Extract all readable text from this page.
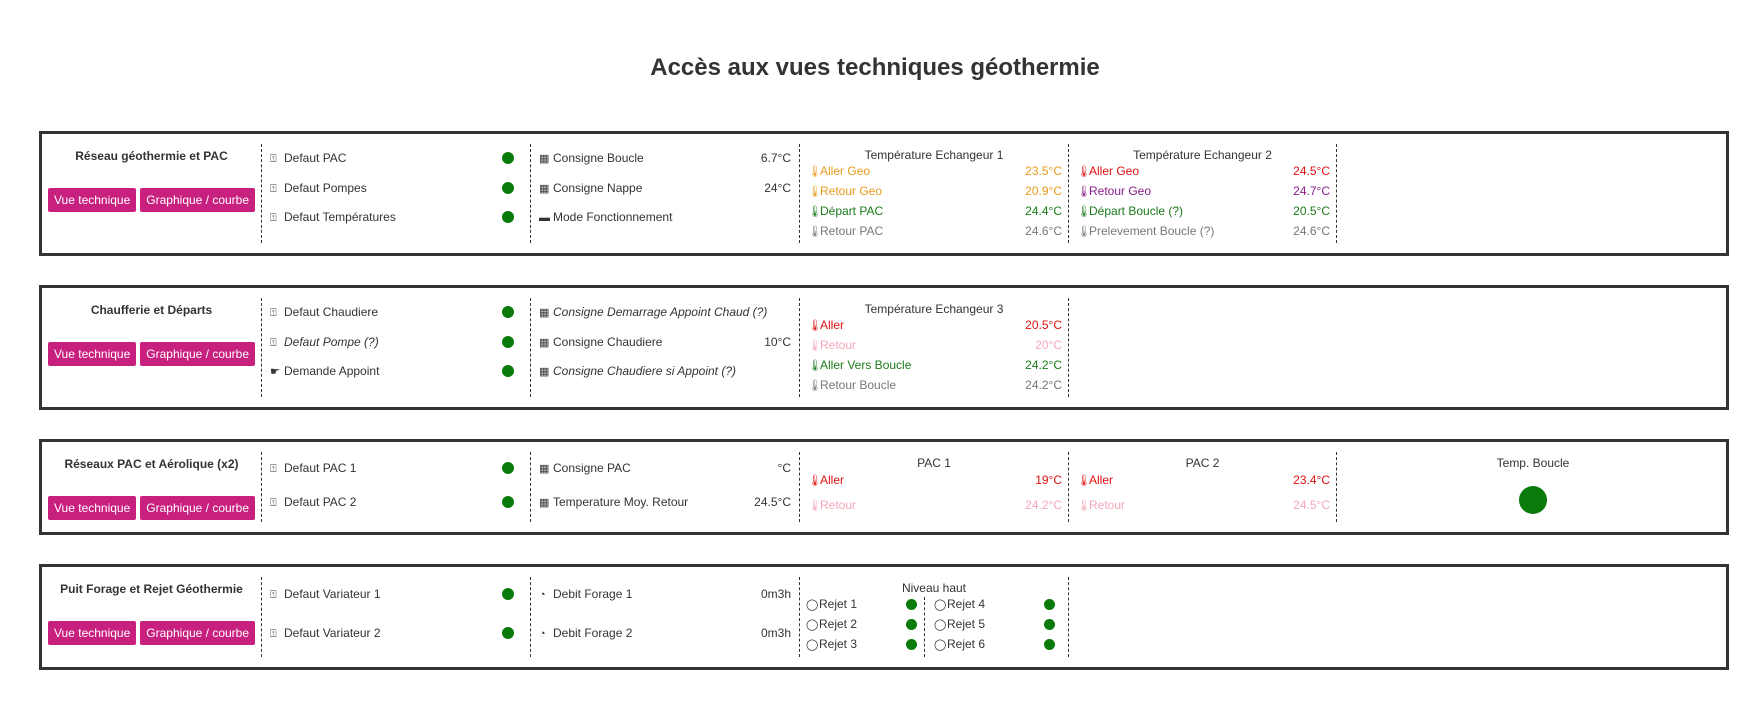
Accès aux vues techniques géothermie
Réseau géothermie et PAC
Vue technique	Graphique / courbe
⍐ Defaut PAC
⍐ Defaut Pompes
⍐ Defaut Températures
▦ Consigne Boucle	6.7°C
▦ Consigne Nappe	24°C
▬ Mode Fonctionnement
Température Echangeur 1
🌡Aller Geo	23.5°C
🌡Retour Geo	20.9°C
🌡Départ PAC	24.4°C
🌡Retour PAC	24.6°C
Température Echangeur 2
🌡Aller Geo	24.5°C
🌡Retour Geo	24.7°C
🌡Départ Boucle (?)	20.5°C
🌡Prelevement Boucle (?)	24.6°C
Chaufferie et Départs
Vue technique	Graphique / courbe
⍐ Defaut Chaudiere
⍐ Defaut Pompe (?)
☛ Demande Appoint
▦ Consigne Demarrage Appoint Chaud (?)
▦ Consigne Chaudiere	10°C
▦ Consigne Chaudiere si Appoint (?)
Température Echangeur 3
🌡Aller	20.5°C
🌡Retour	20°C
🌡Aller Vers Boucle	24.2°C
🌡Retour Boucle	24.2°C
Réseaux PAC et Aérolique (x2)
Vue technique	Graphique / courbe
⍐ Defaut PAC 1
⍐ Defaut PAC 2
▦ Consigne PAC	°C
▦ Temperature Moy. Retour	24.5°C
PAC 1
🌡Aller	19°C
🌡Retour	24.2°C
PAC 2
🌡Aller	23.4°C
🌡Retour	24.5°C
Temp. Boucle
Puit Forage et Rejet Géothermie
Vue technique	Graphique / courbe
⍐ Defaut Variateur 1
⍐ Defaut Variateur 2
◔ Debit Forage 1	0m3h
◔ Debit Forage 2	0m3h
Niveau haut
◯Rejet 1
◯Rejet 2
◯Rejet 3
◯Rejet 4
◯Rejet 5
◯Rejet 6
